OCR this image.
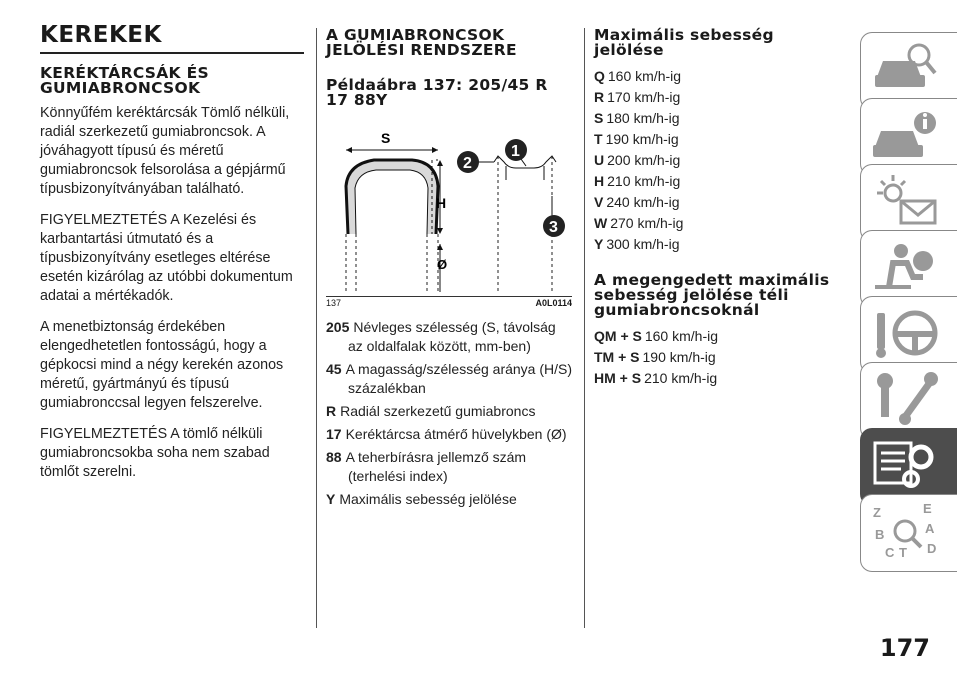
KEREKEK
KERÉKTÁRCSÁK ÉS GUMIABRONCSOK

Könnyűfém keréktárcsák Tömlő nélküli, radiál szerkezetű gumiabroncsok. A jóváhagyott típusú és méretű gumiabroncsok felsorolása a gépjármű típusbizonyítványában található.

FIGYELMEZTETÉS A Kezelési és karbantartási útmutató és a típusbizonyítvány esetleges eltérése esetén kizárólag az utóbbi dokumentum adatai a mértékadók.

A menetbiztonság érdekében elengedhetetlen fontosságú, hogy a gépkocsi mind a négy kerekén azonos méretű, gyártmányú és típusú gumiabronccsal legyen felszerelve.

FIGYELMEZTETÉS A tömlő nélküli gumiabroncsokba soha nem szabad tömlőt szerelni.

A GUMIABRONCSOK JELÖLÉSI RENDSZERE
Példaábra 137: 205/45 R 17 88Y
S
H
Ø
1
2
3
137	A0L0114
205 Névleges szélesség (S, távolság az oldalfalak között, mm-ben)
45 A magasság/szélesség aránya (H/S) százalékban
R Radiál szerkezetű gumiabroncs
17 Keréktárcsa átmérő hüvelykben (Ø)
88 A teherbírásra jellemző szám (terhelési index)
Y Maximális sebesség jelölése
Maximális sebesség jelölése
Q 160 km/h-ig
R 170 km/h-ig
S 180 km/h-ig
T 190 km/h-ig
U 200 km/h-ig
H 210 km/h-ig
V 240 km/h-ig
W 270 km/h-ig
Y 300 km/h-ig
A megengedett maximális sebesség jelölése téli gumiabroncsoknál
QM + S 160 km/h-ig
TM + S 190 km/h-ig
HM + S 210 km/h-ig
Z	E
B	A
C T D
177
